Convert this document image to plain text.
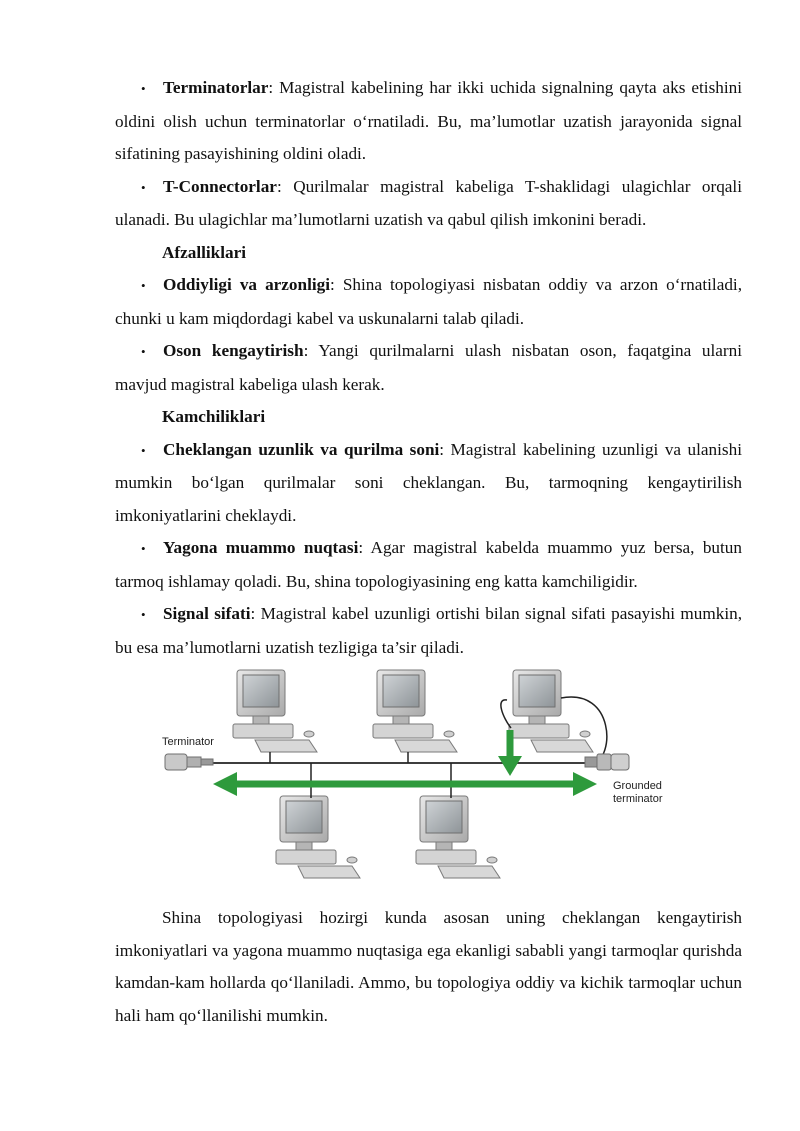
• Terminatorlar: Magistral kabelining har ikki uchida signalning qayta aks etishini oldini olish uchun terminatorlar o‘rnatiladi. Bu, ma’lumotlar uzatish jarayonida signal sifatining pasayishining oldini oladi.

• T-Connectorlar: Qurilmalar magistral kabeliga T-shaklidagi ulagichlar orqali ulanadi. Bu ulagichlar ma’lumotlarni uzatish va qabul qilish imkonini beradi.

Afzalliklari

• Oddiyligi va arzonligi: Shina topologiyasi nisbatan oddiy va arzon o‘rnatiladi, chunki u kam miqdordagi kabel va uskunalarni talab qiladi.

• Oson kengaytirish: Yangi qurilmalarni ulash nisbatan oson, faqatgina ularni mavjud magistral kabeliga ulash kerak.

Kamchiliklari

• Cheklangan uzunlik va qurilma soni: Magistral kabelining uzunligi va ulanishi mumkin bo‘lgan qurilmalar soni cheklangan. Bu, tarmoqning kengaytirilish imkoniyatlarini cheklaydi.

• Yagona muammo nuqtasi: Agar magistral kabelda muammo yuz bersa, butun tarmoq ishlamay qoladi. Bu, shina topologiyasining eng katta kamchiligidir.

• Signal sifati: Magistral kabel uzunligi ortishi bilan signal sifati pasayishi mumkin, bu esa ma’lumotlarni uzatish tezligiga ta’sir qiladi.

Terminator
Grounded
terminator

Shina topologiyasi hozirgi kunda asosan uning cheklangan kengaytirish imkoniyatlari va yagona muammo nuqtasiga ega ekanligi sababli yangi tarmoqlar qurishda kamdan-kam hollarda qo‘llaniladi. Ammo, bu topologiya oddiy va kichik tarmoqlar uchun hali ham qo‘llanilishi mumkin.
